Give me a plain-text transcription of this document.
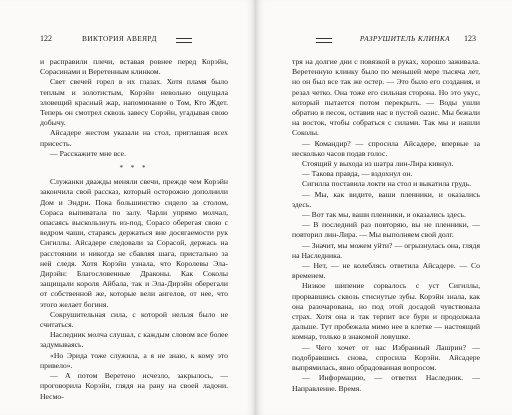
122	ВИКТОРИЯ АВЕЯРД

и расправили плечи, вставая ровнее перед Корэйн, Сорасинами и Веретенным клинком.

Свет свечей горел в их глазах. Хотя пламя было теплым и золотистым, Корэйн невольно ощущала зловещий красный жар, напоминание о Том, Кто Ждет. Теперь он смотрел сквозь завесу Сорэйн, угадывая свою добычу.

Айсадере жестом указали на стол, приглашая всех присесть.

— Расскажите мне все.

* * *

Служанки дважды меняли свечи, прежде чем Корэйн закончила свой рассказ, который осторожно дополнили Дом и Эндри. Пока большинство сидело за столом, Сораса выпиватала по залу. Чарли упрямо молчал, опасаясь выскользнуть из-под, Сорасо оберегая свою с ведром чаши, стараясь держаться вне досягаемости рук Сигиллы. Айсадере следовали за Сорасой, держась на расстоянии и никогда не сбавляя шага, пристально за ней следя. Хотя Корэйн узнала, что Королевы Эла-Дирэйн: Благословенные Драконы. Как Соколы защищали короля Айбала, так и Эла-Дирэйн оберегали от собственной же, которые вели ангелов, от нее, что этого желает богиня.

Сокрушительная сила, с которой нельзя было не считаться.

Наследник молча слушал, с каждым словом все более задумываясь.

«Но Эрида тоже служила, а я не знаю, к кому это привело».

— А потом Веретено исчезло, закрылось, — проговорила Корэйн, глядя на рану на своей ладони. Несмо-

РАЗРУШИТЕЛЬ КЛИНКА 123

тря на долгие дни с повязкой в руках, хорошо заживала. Веретенную клинку было по меньшей мере тысяча лет, но он был все так же остер. — Это было его создания, и резал четко. Она тоже его сильная сторона. Но это укус, который пытается потом перекрыть. — Воды ушли обратно в песок, оставив нас в пустой оазис. Мы бежали на восток, чтобы собраться с силами. Так мы и нашли Соколы.

— Командир? — спросила Айсадере, впервые за несколько часов подав голос.

Стоящий у выхода из шатра лин-Лира кивнул.

— Такова правда, — вздохнул он.

Сигилла поставила локти на стол и выкатила грудь.

— Мы, как видите, ваши пленники, и оказались здесь.

— Вот так мы, ваши пленники, и оказались здесь.

— В последний раз повторяю, вы не пленники, — повторил лин-Лира. — Мы выполняем свой долг.

— Значит, мы можем уйти? — огрызнулась она, глядя на Наследника.

— Нет, — не колеблясь ответила Айсадере. — Со временем.

Низкое шипение сорвалось с уст Сигиллы, прорвавшись сквозь стиснутые зубы. Корэйн знала, как она разочарована, но под этой досадой чувствовала страх. Хотя она и так терпит все бури и продолжала дальше. Тут пробежала мимо нее в клетке — настоящий комнар, только в знакомой ловушке.

— Чего хочет от нас Избранный Лашрин? — подобравшись снова, спросила Корэйн. Айсадере выпрямилась, явно обрадованная вопросом.

— Информацию, — ответил Наследник. — Направление. Время.
